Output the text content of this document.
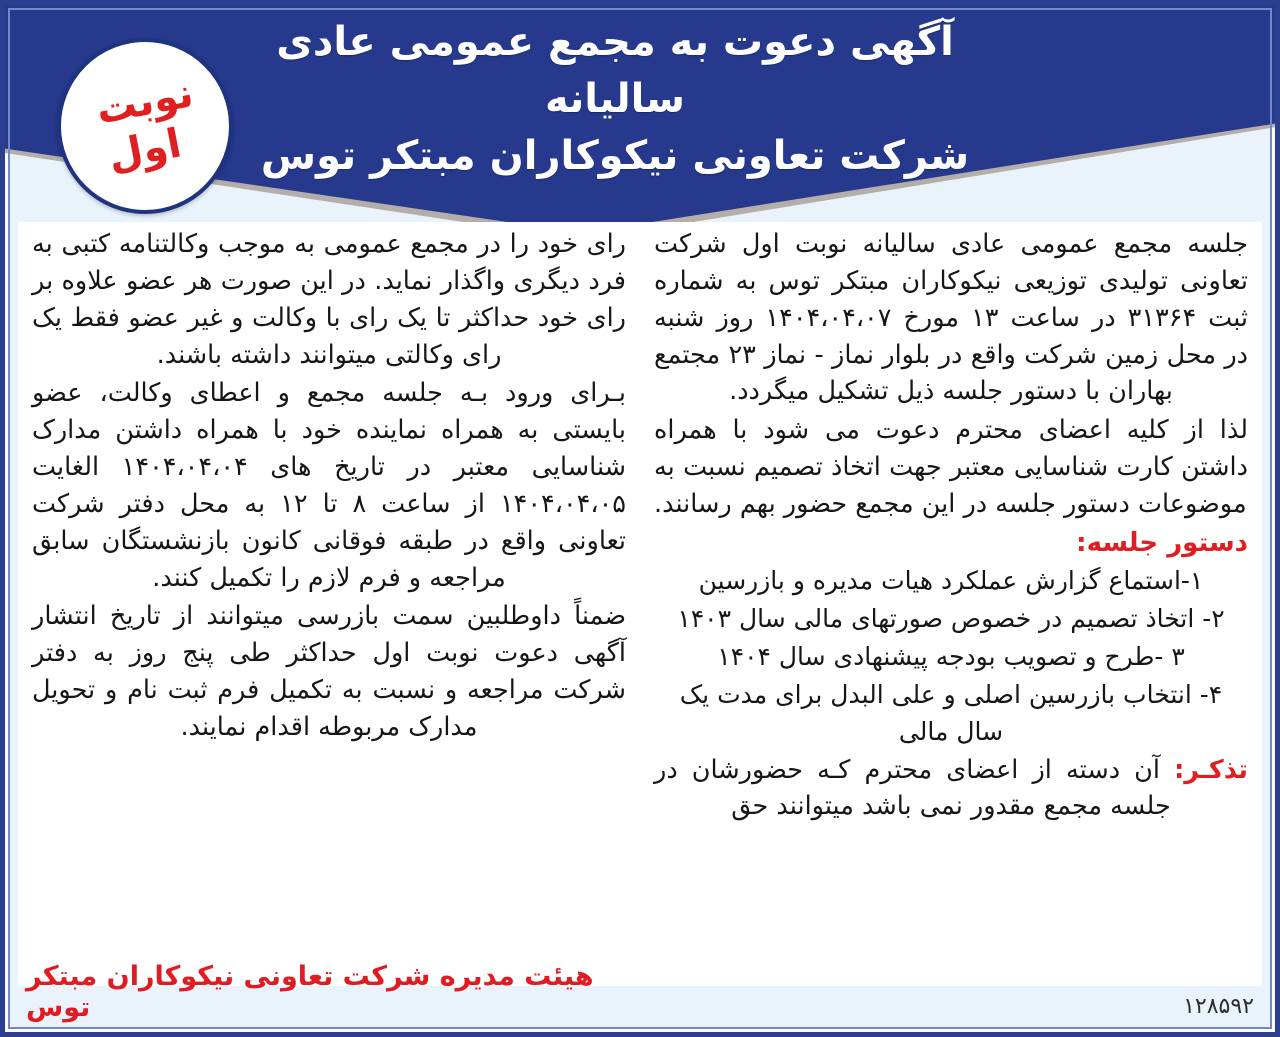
آگهی دعوت به مجمع عمومی عادی سالیانه
شرکت تعاونی نیکوکاران مبتکر توس
نوبت
اول

جلسه مجمع عمومی عادی سالیانه نوبت اول شرکت تعاونی تولیدی توزیعی نیکوکاران مبتکر توس به شماره ثبت ۳۱۳۶۴ در ساعت ۱۳ مورخ ۱۴۰۴،۰۴،۰۷ روز شنبه در محل زمین شرکت واقع در بلوار نماز - نماز ۲۳ مجتمع بهاران با دستور جلسه ذیل تشکیل میگردد.

لذا از کلیه اعضای محترم دعوت می شود با همراه داشتن کارت شناسایی معتبر جهت اتخاذ تصمیم نسبت به موضوعات دستور جلسه در این مجمع حضور بهم رسانند.

دستور جلسه:
۱-استماع گزارش عملکرد هیات مدیره و بازرسین
۲- اتخاذ تصمیم در خصوص صورتهای مالی سال ۱۴۰۳
۳ -طرح و تصویب بودجه پیشنهادی سال ۱۴۰۴
۴- انتخاب بازرسین اصلی و علی البدل برای مدت یک سال مالی

تذکـر: آن دسته از اعضای محترم کـه حضورشان در جلسه مجمع مقدور نمی باشد میتوانند حق

رای خود را در مجمع عمومی به موجب وکالتنامه کتبی به فرد دیگری واگذار نماید. در این صورت هر عضو علاوه بر رای خود حداکثر تا یک رای با وکالت و غیر عضو فقط یک رای وکالتی میتوانند داشته باشند.

بـرای ورود بـه جلسه مجمع و اعطای وکالت، عضو بایستی به همراه نماینده خود با همراه داشتن مدارک شناسایی معتبر در تاریخ های ۱۴۰۴،۰۴،۰۴ الغایت ۱۴۰۴،۰۴،۰۵ از ساعت ۸ تا ۱۲ به محل دفتر شرکت تعاونی واقع در طبقه فوقانی کانون بازنشستگان سابق مراجعه و فرم لازم را تکمیل کنند.

ضمناً داوطلبین سمت بازرسی میتوانند از تاریخ انتشار آگهی دعوت نوبت اول حداکثر طی پنج روز به دفتر شرکت مراجعه و نسبت به تکمیل فرم ثبت نام و تحویل مدارک مربوطه اقدام نمایند.

هیئت مدیره شرکت تعاونی نیکوکاران مبتکر توس	۱۲۸۵۹۲
